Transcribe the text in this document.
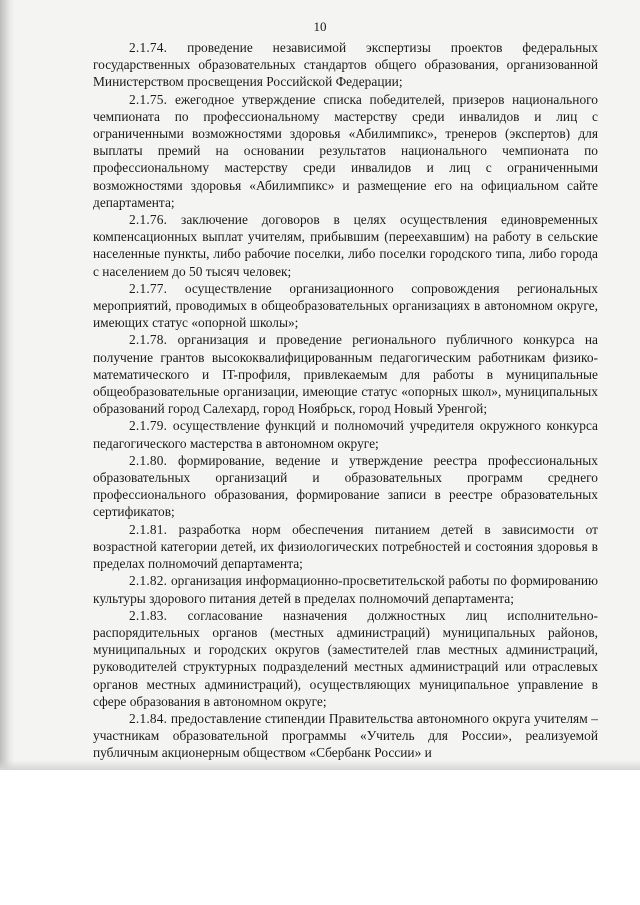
10

2.1.74. проведение независимой экспертизы проектов федеральных государственных образовательных стандартов общего образования, организованной Министерством просвещения Российской Федерации;

2.1.75. ежегодное утверждение списка победителей, призеров национального чемпионата по профессиональному мастерству среди инвалидов и лиц с ограниченными возможностями здоровья «Абилимпикс», тренеров (экспертов) для выплаты премий на основании результатов национального чемпионата по профессиональному мастерству среди инвалидов и лиц с ограниченными возможностями здоровья «Абилимпикс» и размещение его на официальном сайте департамента;

2.1.76. заключение договоров в целях осуществления единовременных компенсационных выплат учителям, прибывшим (переехавшим) на работу в сельские населенные пункты, либо рабочие поселки, либо поселки городского типа, либо города с населением до 50 тысяч человек;

2.1.77. осуществление организационного сопровождения региональных мероприятий, проводимых в общеобразовательных организациях в автономном округе, имеющих статус «опорной школы»;

2.1.78. организация и проведение регионального публичного конкурса на получение грантов высококвалифицированным педагогическим работникам физико-математического и IT-профиля, привлекаемым для работы в муниципальные общеобразовательные организации, имеющие статус «опорных школ», муниципальных образований город Салехард, город Ноябрьск, город Новый Уренгой;

2.1.79. осуществление функций и полномочий учредителя окружного конкурса педагогического мастерства в автономном округе;

2.1.80. формирование, ведение и утверждение реестра профессиональных образовательных организаций и образовательных программ среднего профессионального образования, формирование записи в реестре образовательных сертификатов;

2.1.81. разработка норм обеспечения питанием детей в зависимости от возрастной категории детей, их физиологических потребностей и состояния здоровья в пределах полномочий департамента;

2.1.82. организация информационно-просветительской работы по формированию культуры здорового питания детей в пределах полномочий департамента;

2.1.83. согласование назначения должностных лиц исполнительно-распорядительных органов (местных администраций) муниципальных районов, муниципальных и городских округов (заместителей глав местных администраций, руководителей структурных подразделений местных администраций или отраслевых органов местных администраций), осуществляющих муниципальное управление в сфере образования в автономном округе;

2.1.84. предоставление стипендии Правительства автономного округа учителям – участникам образовательной программы «Учитель для России», реализуемой публичным акционерным обществом «Сбербанк России» и
